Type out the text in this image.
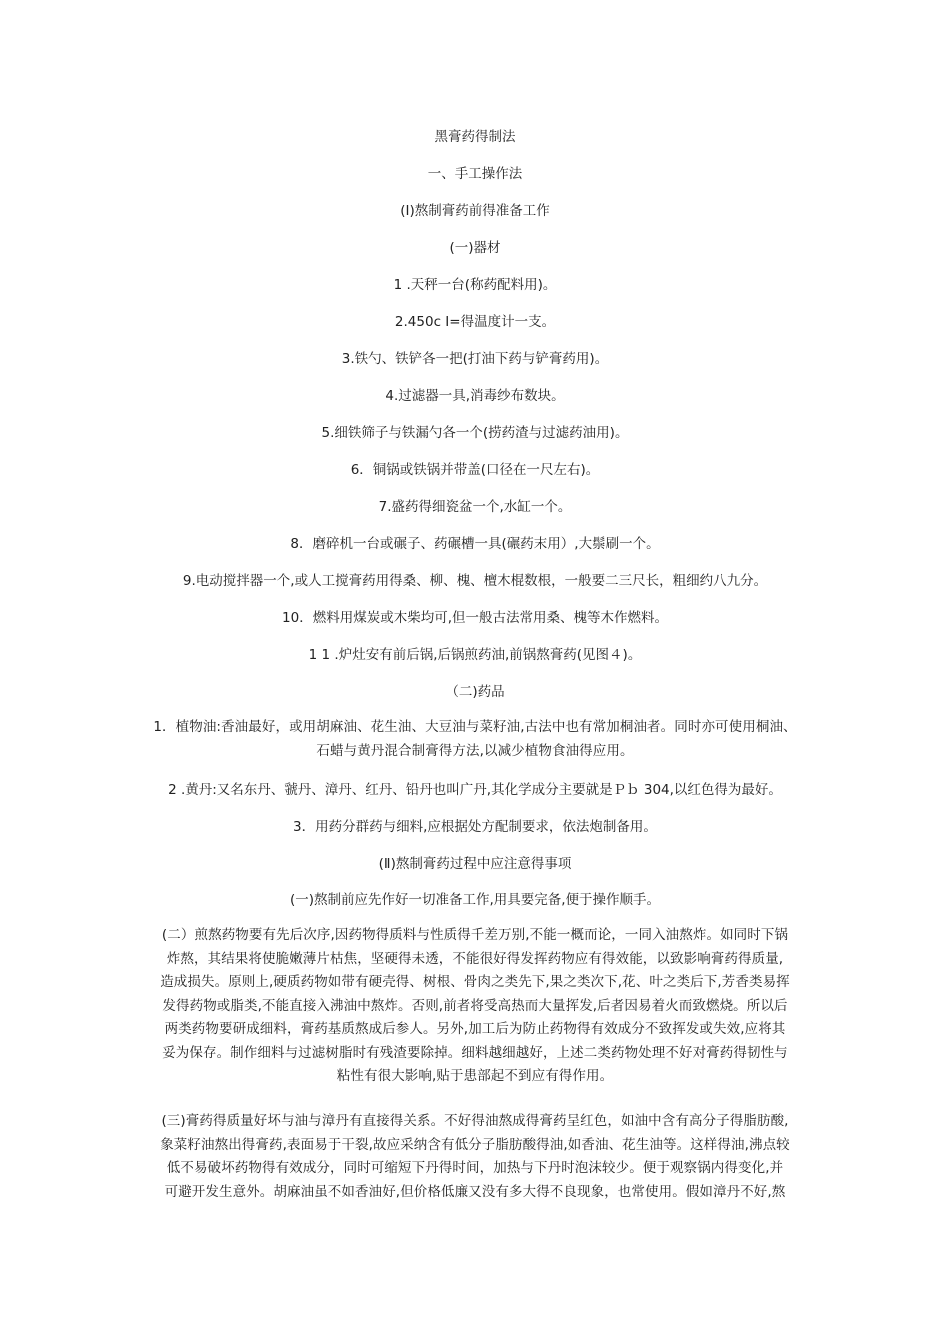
黑膏药得制法
一、手工操作法
(I)熬制膏药前得准备工作
(一)器材
1 .天秤一台(称药配料用)。
2.450c Ⅰ=得温度计一支。
3.铁勺、铁铲各一把(打油下药与铲膏药用)。
4.过滤器一具,消毒纱布数块。
5.细铁筛子与铁漏勺各一个(捞药渣与过滤药油用)。
6．铜锅或铁锅并带盖(口径在一尺左右)。
7.盛药得细瓷盆一个,水缸一个。
8．磨碎机一台或碾子、药碾槽一具(碾药末用）,大鬃刷一个。
9.电动搅拌器一个,或人工搅膏药用得桑、柳、槐、檀木棍数根，一般要二三尺长，粗细约八九分。
10．燃料用煤炭或木柴均可,但一般古法常用桑、槐等木作燃料。
1 1 .炉灶安有前后锅,后锅煎药油,前锅熬膏药(见图４)。
（二)药品
1．植物油:香油最好，或用胡麻油、花生油、大豆油与菜籽油,古法中也有常加桐油者。同时亦可使用桐油、
石蜡与黄丹混合制膏得方法,以减少植物食油得应用。
2 .黄丹:又名东丹、虢丹、漳丹、红丹、铅丹也叫广丹,其化学成分主要就是Ｐｂ 304,以红色得为最好。
3．用药分群药与细料,应根据处方配制要求，依法炮制备用。
(Ⅱ)熬制膏药过程中应注意得事项
(一)熬制前应先作好一切准备工作,用具要完备,便于操作顺手。
(二）煎熬药物要有先后次序,因药物得质料与性质得千差万别,不能一概而论，一同入油熬炸。如同时下锅
炸熬，其结果将使脆嫩薄片枯焦，坚硬得未透，不能很好得发挥药物应有得效能，以致影响膏药得质量,
造成损失。原则上,硬质药物如带有硬壳得、树根、骨肉之类先下,果之类次下,花、叶之类后下,芳香类易挥
发得药物或脂类,不能直接入沸油中熬炸。否则,前者将受高热而大量挥发,后者因易着火而致燃烧。所以后
两类药物要研成细料，膏药基质熬成后参人。另外,加工后为防止药物得有效成分不致挥发或失效,应将其
妥为保存。制作细料与过滤树脂时有残渣要除掉。细料越细越好，上述二类药物处理不好对膏药得韧性与
粘性有很大影响,贴于患部起不到应有得作用。
(三)膏药得质量好坏与油与漳丹有直接得关系。不好得油熬成得膏药呈红色，如油中含有高分子得脂肪酸,
象菜籽油熬出得膏药,表面易于干裂,故应采纳含有低分子脂肪酸得油,如香油、花生油等。这样得油,沸点较
低不易破坏药物得有效成分，同时可缩短下丹得时间，加热与下丹时泡沫较少。便于观察锅内得变化,并
可避开发生意外。胡麻油虽不如香油好,但价格低廉又没有多大得不良现象，也常使用。假如漳丹不好,熬
